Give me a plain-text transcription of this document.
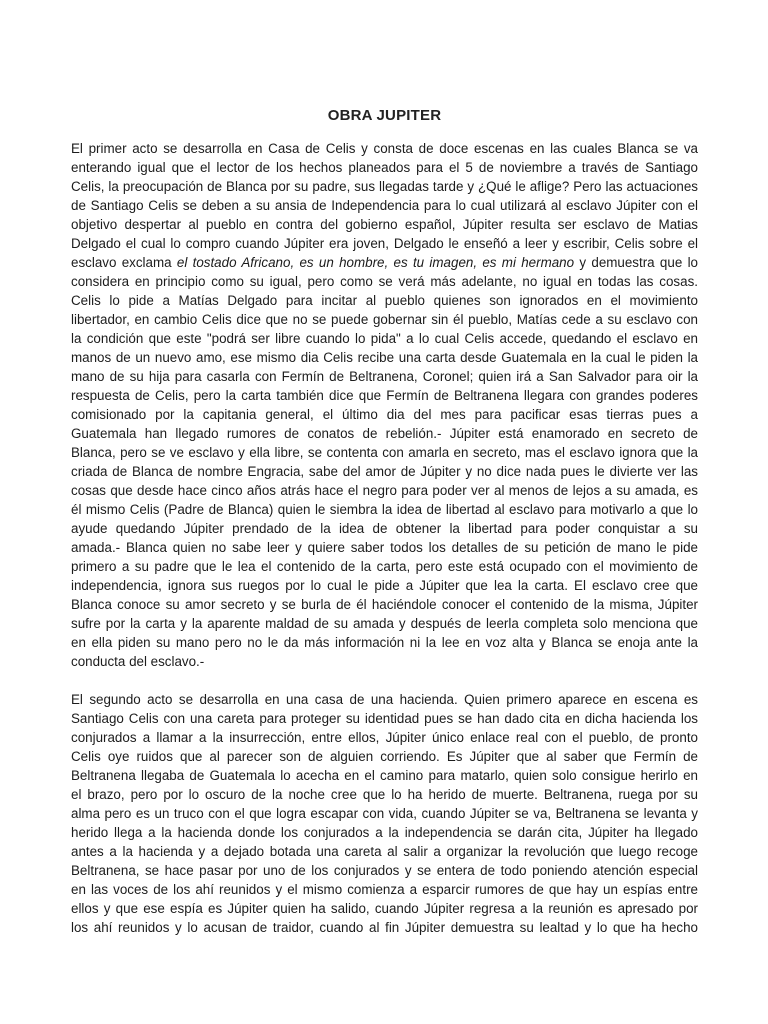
OBRA JUPITER

El primer acto se desarrolla en Casa de Celis y consta de doce escenas en las cuales Blanca se va
enterando igual que el lector de los hechos planeados para el 5 de noviembre a través de Santiago
Celis, la preocupación de Blanca por su padre, sus llegadas tarde y ¿Qué le aflige? Pero las actuaciones
de Santiago Celis se deben a su ansia de Independencia para lo cual utilizará al esclavo Júpiter con el
objetivo despertar al pueblo en contra del gobierno español, Júpiter resulta ser esclavo de Matias
Delgado el cual lo compro cuando Júpiter era joven, Delgado le enseñó a leer y escribir, Celis sobre el
esclavo exclama el tostado Africano, es un hombre, es tu imagen, es mi hermano y demuestra que lo
considera en principio como su igual, pero como se verá más adelante, no igual en todas las cosas.
Celis lo pide a Matías Delgado para incitar al pueblo quienes son ignorados en el movimiento
libertador, en cambio Celis dice que no se puede gobernar sin él pueblo, Matías cede a su esclavo con
la condición que este "podrá ser libre cuando lo pida" a lo cual Celis accede, quedando el esclavo en
manos de un nuevo amo, ese mismo dia Celis recibe una carta desde Guatemala en la cual le piden la
mano de su hija para casarla con Fermín de Beltranena, Coronel; quien irá a San Salvador para oir la
respuesta de Celis, pero la carta también dice que Fermín de Beltranena llegara con grandes poderes
comisionado por la capitania general, el último dia del mes para pacificar esas tierras pues a
Guatemala han llegado rumores de conatos de rebelión.- Júpiter está enamorado en secreto de
Blanca, pero se ve esclavo y ella libre, se contenta con amarla en secreto, mas el esclavo ignora que la
criada de Blanca de nombre Engracia, sabe del amor de Júpiter y no dice nada pues le divierte ver las
cosas que desde hace cinco años atrás hace el negro para poder ver al menos de lejos a su amada, es
él mismo Celis (Padre de Blanca) quien le siembra la idea de libertad al esclavo para motivarlo a que lo
ayude quedando Júpiter prendado de la idea de obtener la libertad para poder conquistar a su
amada.- Blanca quien no sabe leer y quiere saber todos los detalles de su petición de mano le pide
primero a su padre que le lea el contenido de la carta, pero este está ocupado con el movimiento de
independencia, ignora sus ruegos por lo cual le pide a Júpiter que lea la carta. El esclavo cree que
Blanca conoce su amor secreto y se burla de él haciéndole conocer el contenido de la misma, Júpiter
sufre por la carta y la aparente maldad de su amada y después de leerla completa solo menciona que
en ella piden su mano pero no le da más información ni la lee en voz alta y Blanca se enoja ante la
conducta del esclavo.-

El segundo acto se desarrolla en una casa de una hacienda. Quien primero aparece en escena es
Santiago Celis con una careta para proteger su identidad pues se han dado cita en dicha hacienda los
conjurados a llamar a la insurrección, entre ellos, Júpiter único enlace real con el pueblo, de pronto
Celis oye ruidos que al parecer son de alguien corriendo. Es Júpiter que al saber que Fermín de
Beltranena llegaba de Guatemala lo acecha en el camino para matarlo, quien solo consigue herirlo en
el brazo, pero por lo oscuro de la noche cree que lo ha herido de muerte. Beltranena, ruega por su
alma pero es un truco con el que logra escapar con vida, cuando Júpiter se va, Beltranena se levanta y
herido llega a la hacienda donde los conjurados a la independencia se darán cita, Júpiter ha llegado
antes a la hacienda y a dejado botada una careta al salir a organizar la revolución que luego recoge
Beltranena, se hace pasar por uno de los conjurados y se entera de todo poniendo atención especial
en las voces de los ahí reunidos y el mismo comienza a esparcir rumores de que hay un espías entre
ellos y que ese espía es Júpiter quien ha salido, cuando Júpiter regresa a la reunión es apresado por
los ahí reunidos y lo acusan de traidor, cuando al fin Júpiter demuestra su lealtad y lo que ha hecho
